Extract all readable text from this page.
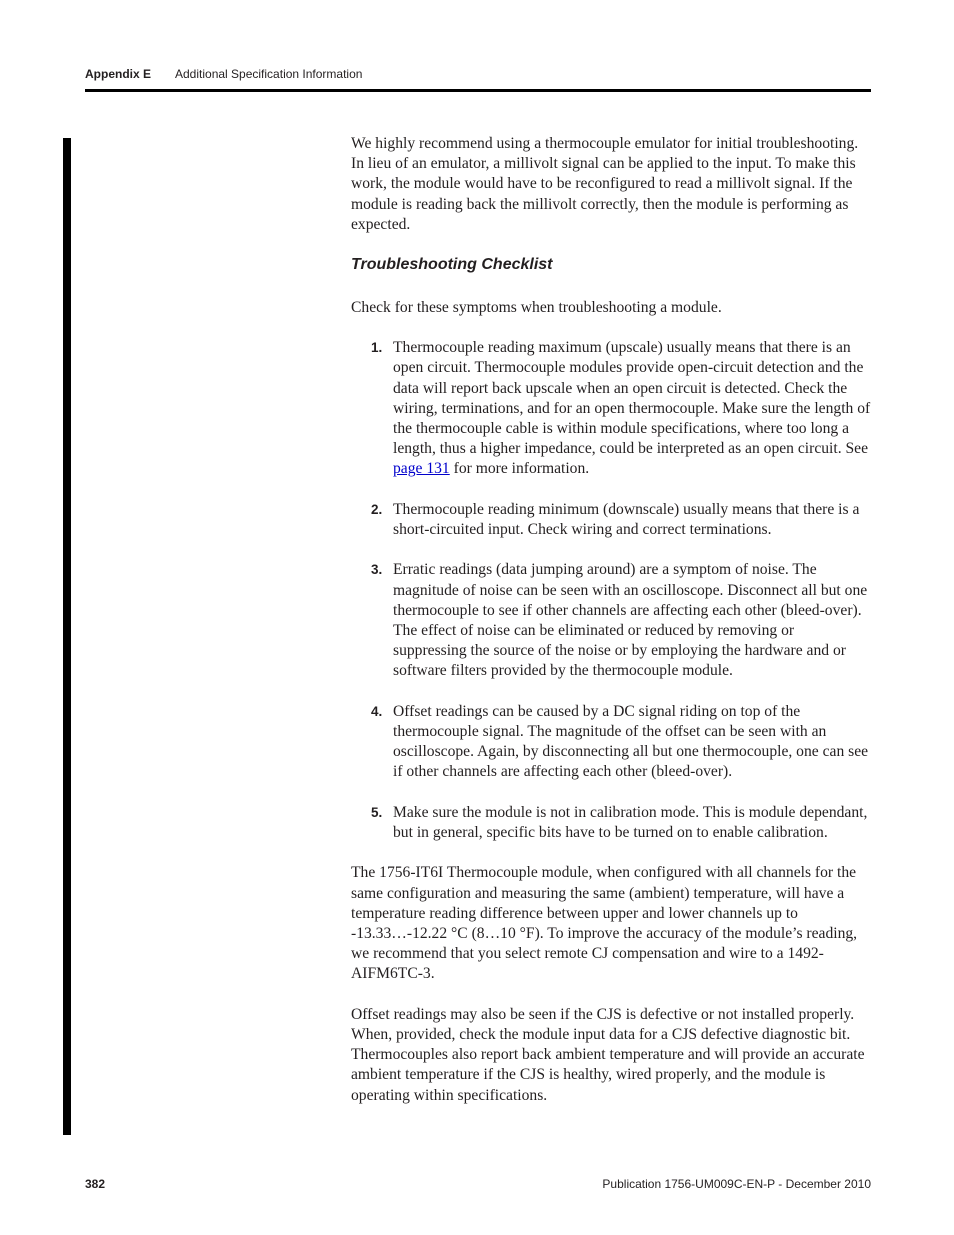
Appendix E Additional Specification Information

We highly recommend using a thermocouple emulator for initial troubleshooting. In lieu of an emulator, a millivolt signal can be applied to the input. To make this work, the module would have to be reconfigured to read a millivolt signal. If the module is reading back the millivolt correctly, then the module is performing as expected.

Troubleshooting Checklist

Check for these symptoms when troubleshooting a module.

1. Thermocouple reading maximum (upscale) usually means that there is an open circuit. Thermocouple modules provide open-circuit detection and the data will report back upscale when an open circuit is detected. Check the wiring, terminations, and for an open thermocouple. Make sure the length of the thermocouple cable is within module specifications, where too long a length, thus a higher impedance, could be interpreted as an open circuit. See page 131 for more information.
2. Thermocouple reading minimum (downscale) usually means that there is a short-circuited input. Check wiring and correct terminations.
3. Erratic readings (data jumping around) are a symptom of noise. The magnitude of noise can be seen with an oscilloscope. Disconnect all but one thermocouple to see if other channels are affecting each other (bleed-over). The effect of noise can be eliminated or reduced by removing or suppressing the source of the noise or by employing the hardware and or software filters provided by the thermocouple module.
4. Offset readings can be caused by a DC signal riding on top of the thermocouple signal. The magnitude of the offset can be seen with an oscilloscope. Again, by disconnecting all but one thermocouple, one can see if other channels are affecting each other (bleed-over).
5. Make sure the module is not in calibration mode. This is module dependant, but in general, specific bits have to be turned on to enable calibration.

The 1756-IT6I Thermocouple module, when configured with all channels for the same configuration and measuring the same (ambient) temperature, will have a temperature reading difference between upper and lower channels up to -13.33…-12.22 °C (8…10 °F). To improve the accuracy of the module’s reading, we recommend that you select remote CJ compensation and wire to a 1492-AIFM6TC-3.

Offset readings may also be seen if the CJS is defective or not installed properly. When, provided, check the module input data for a CJS defective diagnostic bit. Thermocouples also report back ambient temperature and will provide an accurate ambient temperature if the CJS is healthy, wired properly, and the module is operating within specifications.

382	Publication 1756-UM009C-EN-P - December 2010
